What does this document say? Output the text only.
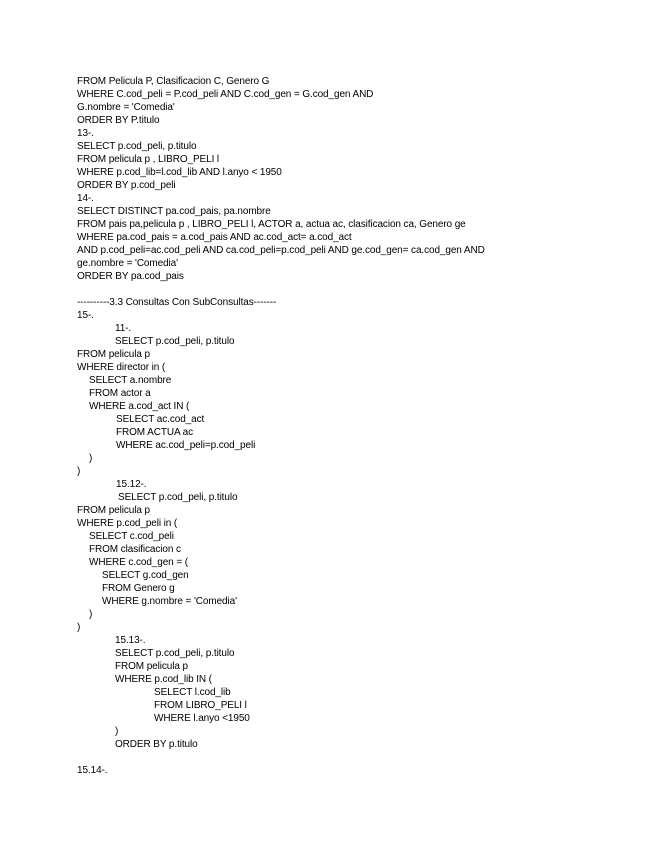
FROM Pelicula P, Clasificacion C, Genero G

WHERE C.cod_peli = P.cod_peli AND C.cod_gen = G.cod_gen AND

G.nombre = 'Comedia'

ORDER BY P.titulo

13-.

SELECT p.cod_peli, p.titulo

FROM pelicula p , LIBRO_PELI l

WHERE p.cod_lib=l.cod_lib AND l.anyo < 1950

ORDER BY p.cod_peli

14-.

SELECT DISTINCT pa.cod_pais, pa.nombre

FROM pais pa,pelicula p , LIBRO_PELI l, ACTOR a, actua ac, clasificacion ca, Genero ge

WHERE pa.cod_pais = a.cod_pais AND ac.cod_act= a.cod_act

AND p.cod_peli=ac.cod_peli AND ca.cod_peli=p.cod_peli AND ge.cod_gen= ca.cod_gen AND

ge.nombre = 'Comedia'

ORDER BY pa.cod_pais

----------3.3 Consultas Con SubConsultas-------

15-.

11-.

SELECT p.cod_peli, p.titulo

FROM pelicula p

WHERE director in (

SELECT a.nombre

FROM actor a

WHERE a.cod_act IN (

SELECT ac.cod_act

FROM ACTUA ac

WHERE ac.cod_peli=p.cod_peli

)

)

15.12-.

SELECT p.cod_peli, p.titulo

FROM pelicula p

WHERE p.cod_peli in (

SELECT c.cod_peli

FROM clasificacion c

WHERE c.cod_gen = (

SELECT g.cod_gen

FROM Genero g

WHERE g.nombre = 'Comedia'

)

)

15.13-.

SELECT p.cod_peli, p.titulo

FROM pelicula p

WHERE p.cod_lib IN (

SELECT l.cod_lib

FROM LIBRO_PELI l

WHERE l.anyo <1950

)

ORDER BY p.titulo

15.14-.
